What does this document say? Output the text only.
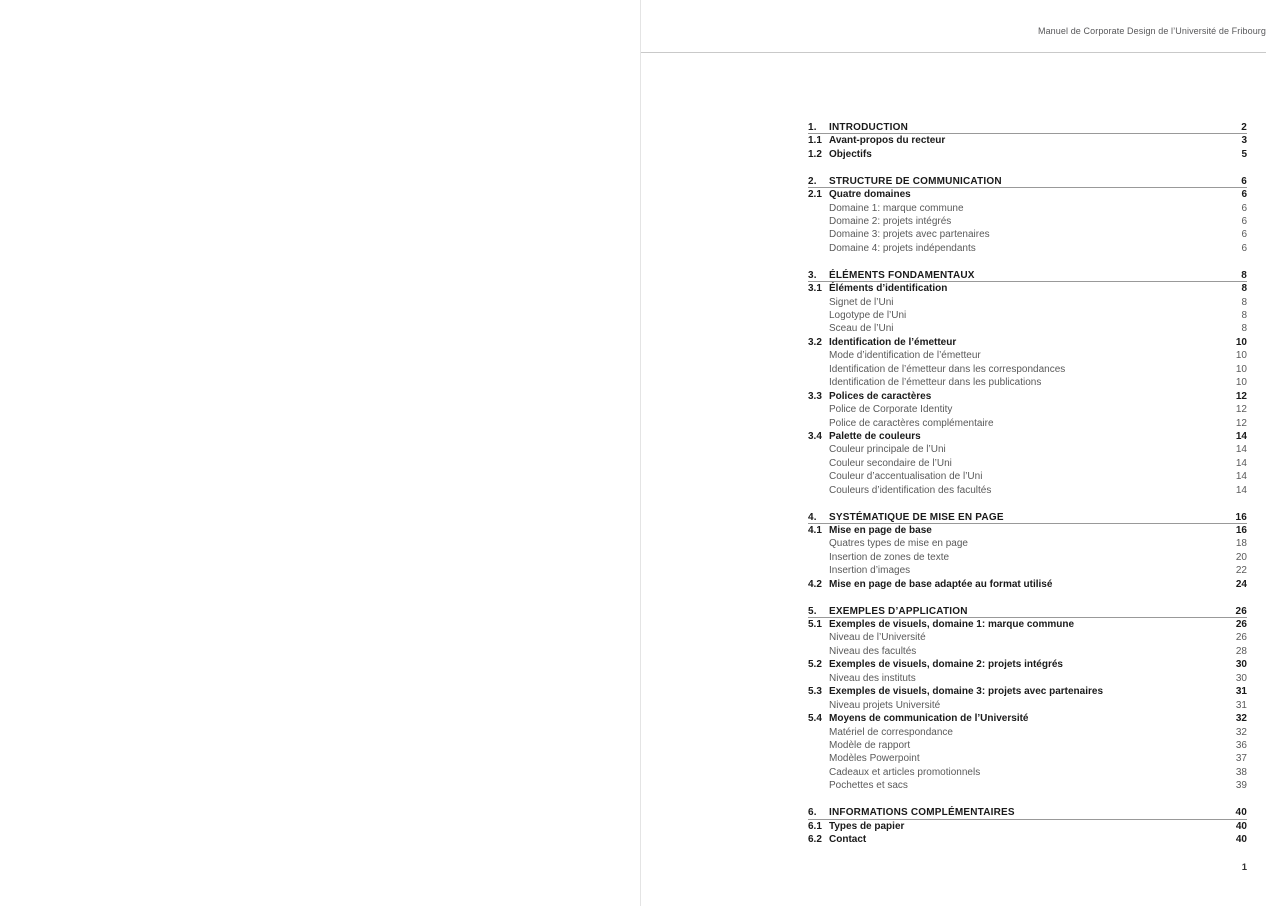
Manuel de Corporate Design de l’Université de Fribourg
1.	INTRODUCTION	2
1.1 Avant-propos du recteur	3
1.2 Objectifs	5
2.	STRUCTURE DE COMMUNICATION	6
2.1 Quatre domaines	6
Domaine 1: marque commune	6
Domaine 2: projets intégrés	6
Domaine 3: projets avec partenaires	6
Domaine 4: projets indépendants	6
3.	ÉLÉMENTS FONDAMENTAUX	8
3.1 Éléments d’identification	8
Signet de l’Uni	8
Logotype de l’Uni	8
Sceau de l’Uni	8
3.2 Identification de l’émetteur	10
Mode d’identification de l’émetteur	10
Identification de l’émetteur dans les correspondances	10
Identification de l’émetteur dans les publications	10
3.3 Polices de caractères	12
Police de Corporate Identity	12
Police de caractères complémentaire	12
3.4 Palette de couleurs	14
Couleur principale de l’Uni	14
Couleur secondaire de l’Uni	14
Couleur d’accentualisation de l’Uni	14
Couleurs d’identification des facultés	14
4.	SYSTÉMATIQUE DE MISE EN PAGE	16
4.1 Mise en page de base	16
Quatres types de mise en page	18
Insertion de zones de texte	20
Insertion d’images	22
4.2 Mise en page de base adaptée au format utilisé	24
5.	EXEMPLES D’APPLICATION	26
5.1 Exemples de visuels, domaine 1: marque commune	26
Niveau de l’Université	26
Niveau des facultés	28
5.2 Exemples de visuels, domaine 2: projets intégrés	30
Niveau des instituts	30
5.3 Exemples de visuels, domaine 3: projets avec partenaires	31
Niveau projets Université	31
5.4 Moyens de communication de l’Université	32
Matériel de correspondance	32
Modèle de rapport	36
Modèles Powerpoint	37
Cadeaux et articles promotionnels	38
Pochettes et sacs	39
6.	INFORMATIONS COMPLÉMENTAIRES	40
6.1 Types de papier	40
6.2 Contact	40
1
